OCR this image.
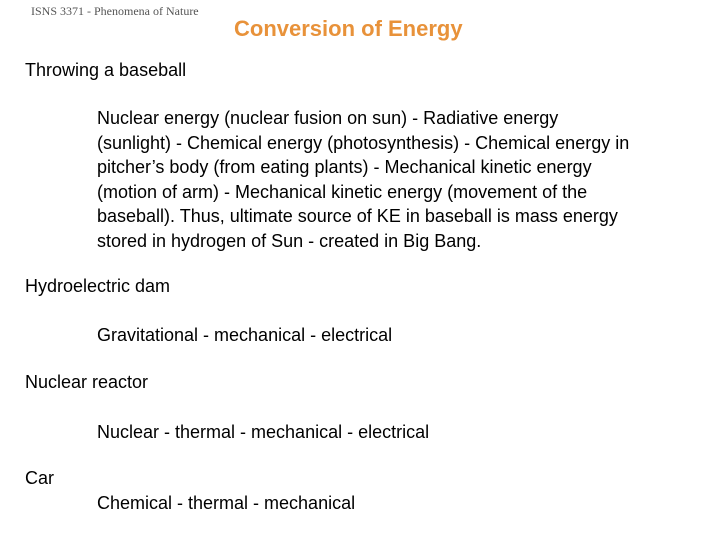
ISNS 3371 - Phenomena of Nature
Conversion of Energy
Throwing a baseball
Nuclear energy (nuclear fusion on sun) - Radiative energy
(sunlight) - Chemical energy (photosynthesis) - Chemical energy in
pitcher’s body (from eating plants) - Mechanical kinetic energy
(motion of arm) - Mechanical kinetic energy (movement of the
baseball). Thus, ultimate source of KE in baseball is mass energy
stored in hydrogen of Sun - created in Big Bang.
Hydroelectric dam
Gravitational - mechanical - electrical
Nuclear reactor
Nuclear - thermal - mechanical - electrical
Car
Chemical - thermal - mechanical
